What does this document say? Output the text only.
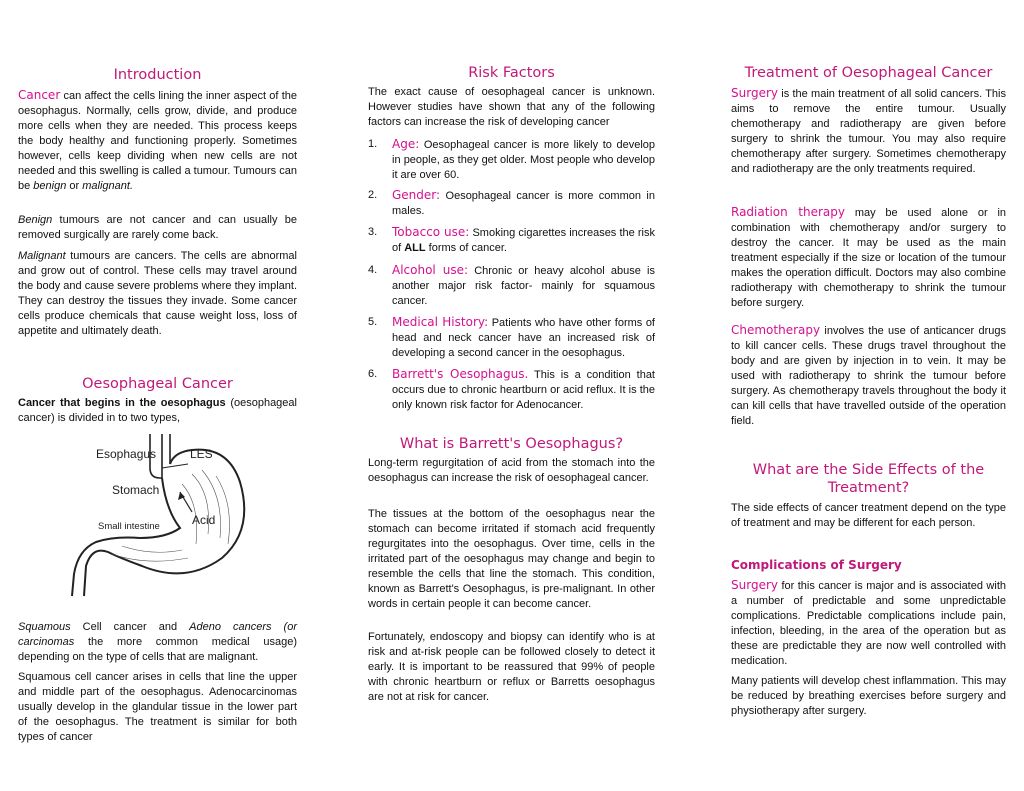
Introduction

Cancer can affect the cells lining the inner aspect of the oesophagus. Normally, cells grow, divide, and produce more cells when they are needed. This process keeps the body healthy and functioning properly. Sometimes however, cells keep dividing when new cells are not needed and this swelling is called a tumour. Tumours can be benign or malignant.

Benign tumours are not cancer and can usually be removed surgically are rarely come back.

Malignant tumours are cancers. The cells are abnormal and grow out of control. These cells may travel around the body and cause severe problems where they implant. They can destroy the tissues they invade. Some cancer cells produce chemicals that cause weight loss, loss of appetite and ultimately death.

Oesophageal Cancer

Cancer that begins in the oesophagus (oesophageal cancer) is divided in to two types,

Esophagus	LES
Stomach
Acid
Small intestine

Squamous Cell cancer and Adeno cancers (or carcinomas the more common medical usage) depending on the type of cells that are malignant.

Squamous cell cancer arises in cells that line the upper and middle part of the oesophagus. Adenocarcinomas usually develop in the glandular tissue in the lower part of the oesophagus. The treatment is similar for both types of cancer

Risk Factors

The exact cause of oesophageal cancer is unknown. However studies have shown that any of the following factors can increase the risk of developing cancer

1.	Age: Oesophageal cancer is more likely to develop in people, as they get older. Most people who develop it are over 60.
2.	Gender: Oesophageal cancer is more common in males.
3.	Tobacco use: Smoking cigarettes increases the risk of ALL forms of cancer.
4.	Alcohol use: Chronic or heavy alcohol abuse is another major risk factor- mainly for squamous cancer.
5.	Medical History: Patients who have other forms of head and neck cancer have an increased risk of developing a second cancer in the oesophagus.
6.	Barrett's Oesophagus. This is a condition that occurs due to chronic heartburn or acid reflux. It is the only known risk factor for Adenocancer.
What is Barrett's Oesophagus?

Long-term regurgitation of acid from the stomach into the oesophagus can increase the risk of oesophageal cancer.

The tissues at the bottom of the oesophagus near the stomach can become irritated if stomach acid frequently regurgitates into the oesophagus. Over time, cells in the irritated part of the oesophagus may change and begin to resemble the cells that line the stomach. This condition, known as Barrett's Oesophagus, is pre-malignant. In other words in certain people it can become cancer.

Fortunately, endoscopy and biopsy can identify who is at risk and at-risk people can be followed closely to detect it early. It is important to be reassured that 99% of people with chronic heartburn or reflux or Barretts oesophagus are not at risk for cancer.

Treatment of Oesophageal Cancer

Surgery is the main treatment of all solid cancers. This aims to remove the entire tumour. Usually chemotherapy and radiotherapy are given before surgery to shrink the tumour. You may also require chemotherapy after surgery. Sometimes chemotherapy and radiotherapy are the only treatments required.

Radiation therapy may be used alone or in combination with chemotherapy and/or surgery to destroy the cancer. It may be used as the main treatment especially if the size or location of the tumour makes the operation difficult. Doctors may also combine radiotherapy with chemotherapy to shrink the tumour before surgery.

Chemotherapy involves the use of anticancer drugs to kill cancer cells. These drugs travel throughout the body and are given by injection in to vein. It may be used with radiotherapy to shrink the tumour before surgery. As chemotherapy travels throughout the body it can kill cells that have travelled outside of the operation field.

What are the Side Effects of the Treatment?

The side effects of cancer treatment depend on the type of treatment and may be different for each person.

Complications of Surgery

Surgery for this cancer is major and is associated with a number of predictable and some unpredictable complications. Predictable complications include pain, infection, bleeding, in the area of the operation but as these are predictable they are now well controlled with medication.

Many patients will develop chest inflammation. This may be reduced by breathing exercises before surgery and physiotherapy after surgery.
